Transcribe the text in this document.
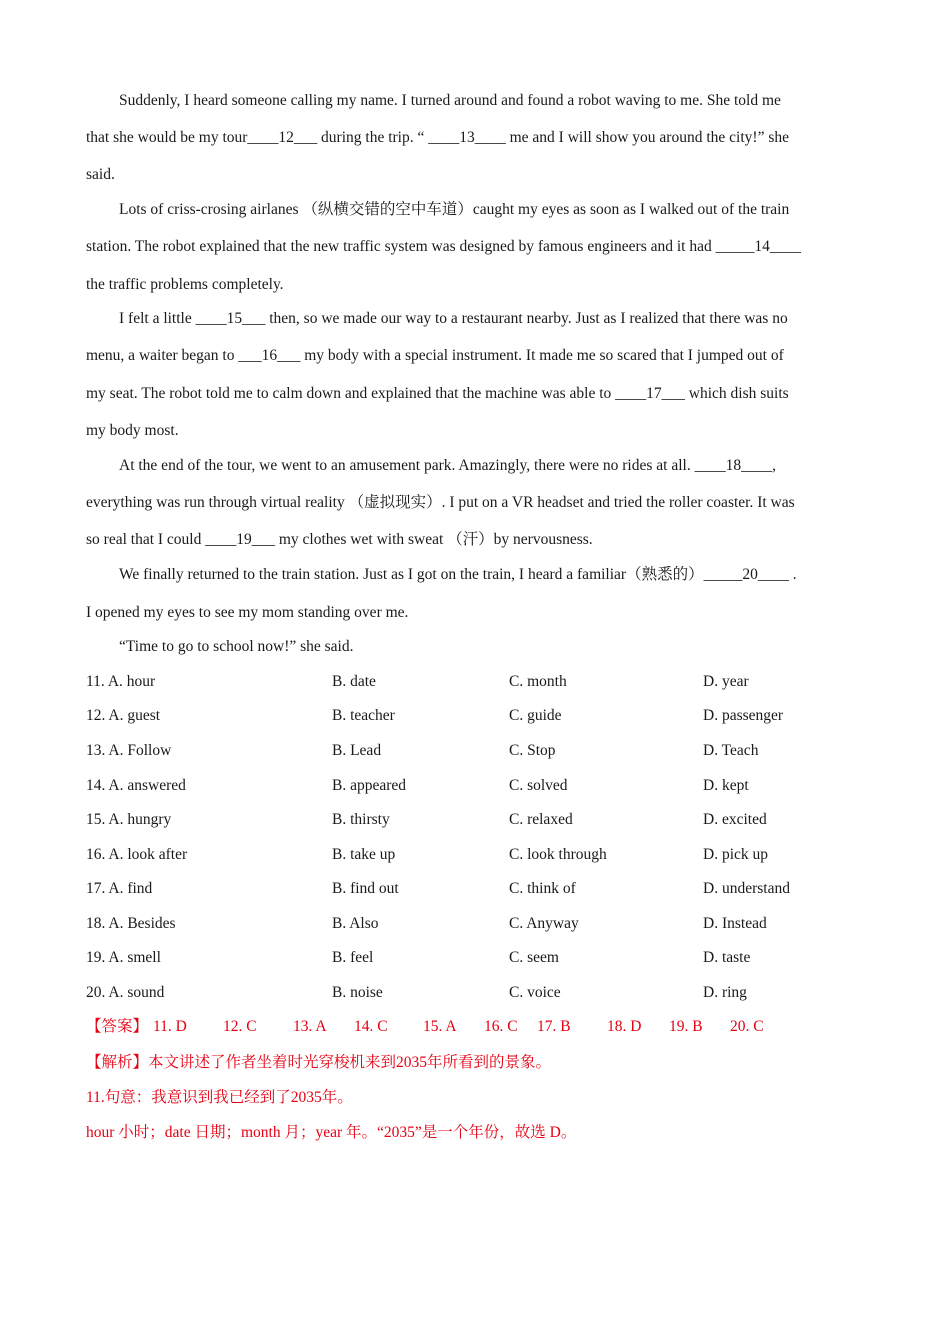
Suddenly, I heard someone calling my name. I turned around and found a robot waving to me. She told me
that she would be my tour____12___ during the trip. “ ____13____ me and I will show you around the city!” she
said.
Lots of criss-crosing airlanes （纵横交错的空中车道）caught my eyes as soon as I walked out of the train
station. The robot explained that the new traffic system was designed by famous engineers and it had _____14____
the traffic problems completely.
I felt a little ____15___ then, so we made our way to a restaurant nearby. Just as I realized that there was no
menu, a waiter began to ___16___ my body with a special instrument. It made me so scared that I jumped out of
my seat. The robot told me to calm down and explained that the machine was able to ____17___ which dish suits
my body most.
At the end of the tour, we went to an amusement park. Amazingly, there were no rides at all. ____18____,
everything was run through virtual reality （虚拟现实）. I put on a VR headset and tried the roller coaster. It was
so real that I could ____19___ my clothes wet with sweat （汗）by nervousness.
We finally returned to the train station. Just as I got on the train, I heard a familiar（熟悉的）_____20____ .
I opened my eyes to see my mom standing over me.
“Time to go to school now!” she said.
11. A. hour	B. date	C. month	D. year
12. A. guest	B. teacher	C. guide	D. passenger
13. A. Follow	B. Lead	C. Stop	D. Teach
14. A. answered	B. appeared	C. solved	D. kept
15. A. hungry	B. thirsty	C. relaxed	D. excited
16. A. look after	B. take up	C. look through	D. pick up
17. A. find	B. find out	C. think of	D. understand
18. A. Besides	B. Also	C. Anyway	D. Instead
19. A. smell	B. feel	C. seem	D. taste
20. A. sound	B. noise	C. voice	D. ring
【答案】 11. D 12. C 13. A 14. C 15. A 16. C 17. B 18. D 19. B 20. C
【解析】本文讲述了作者坐着时光穿梭机来到2035年所看到的景象。
11.句意：我意识到我已经到了2035年。
hour 小时；date 日期；month 月；year 年。“2035”是一个年份，故选 D。
